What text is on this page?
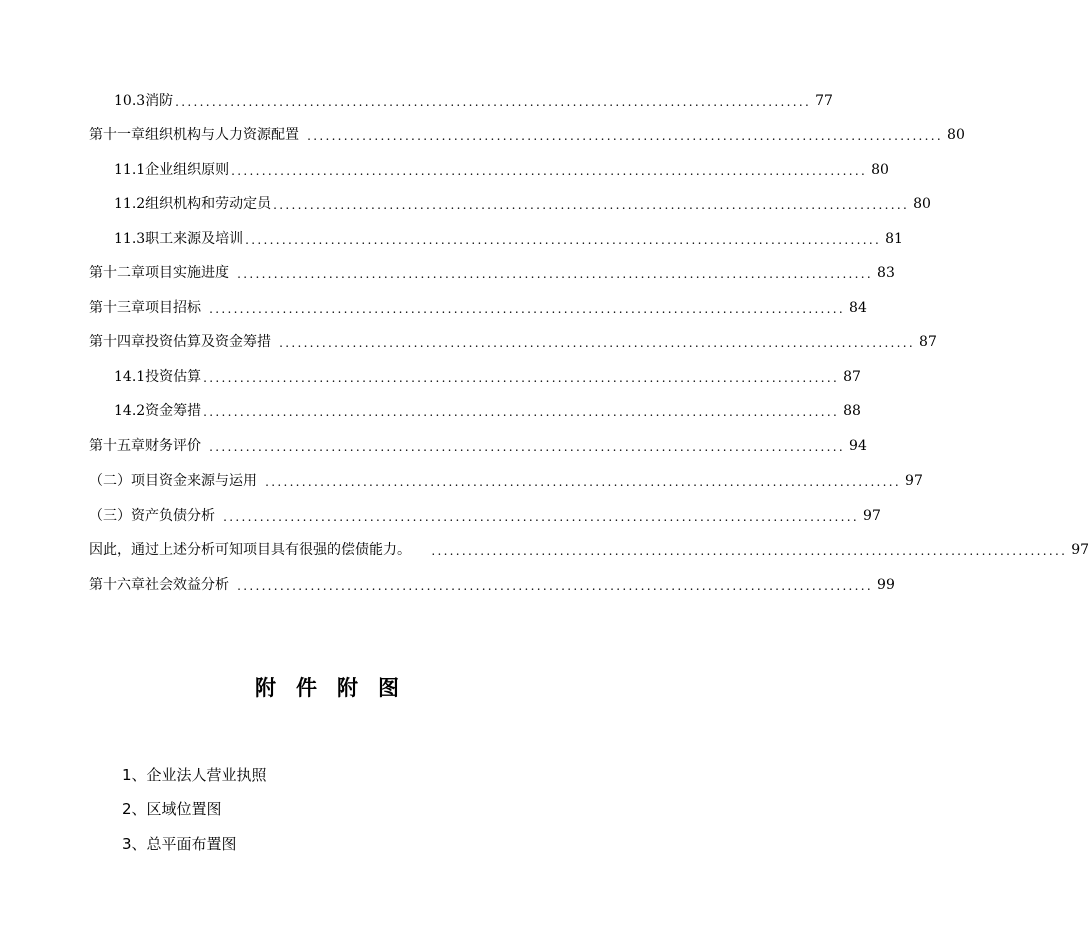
10.3 消防 ........................................................................................................ 77
第十一章 组织机构与人力资源配置 ........................................................................................................ 80
11.1 企业组织原则 ........................................................................................................ 80
11.2 组织机构和劳动定员 ........................................................................................................ 80
11.3 职工来源及培训 ........................................................................................................ 81
第十二章 项目实施进度 ........................................................................................................ 83
第十三章 项目招标 ........................................................................................................ 84
第十四章 投资估算及资金筹措 ........................................................................................................ 87
14.1 投资估算 ........................................................................................................ 87
14.2 资金筹措 ........................................................................................................ 88
第十五章 财务评价 ........................................................................................................ 94
（二） 项目资金来源与运用 ........................................................................................................ 97
（三） 资产负债分析 ........................................................................................................ 97
因此，通过上述分析可知项目具有很强的偿债能力。 ........................................................................................................ 97
第十六章 社会效益分析 ........................................................................................................ 99
附件附图
1、企业法人营业执照
2、区域位置图
3、总平面布置图
